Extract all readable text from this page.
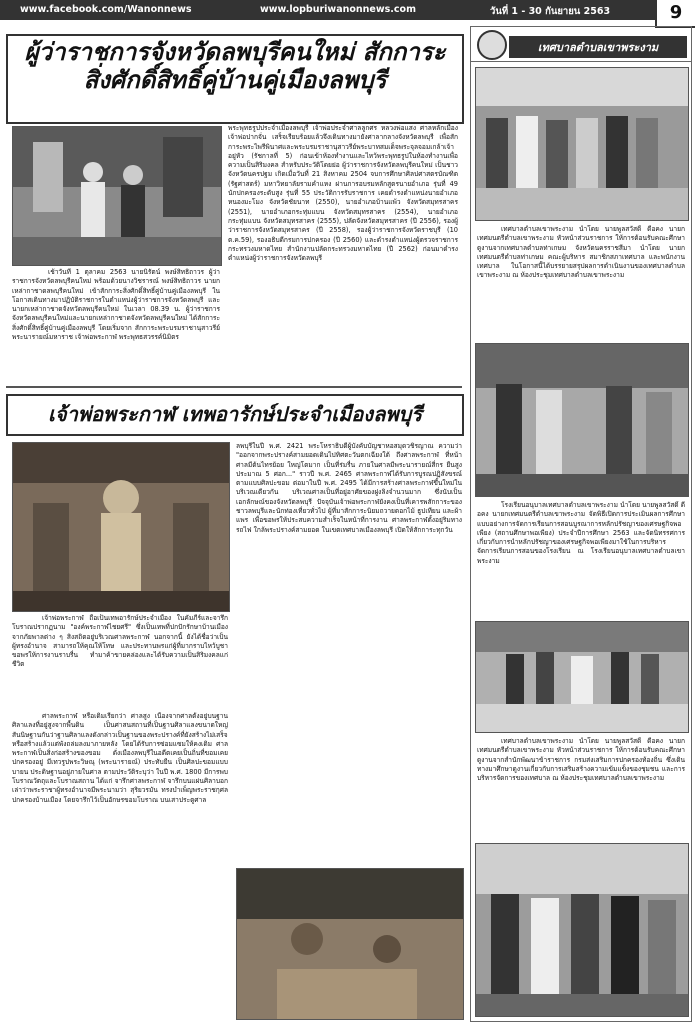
www.facebook.com/Wanonnews	www.lopburiwanonnews.com	วันที่ 1 - 30 กันยายน 2563	9
ผู้ว่าราชการจังหวัดลพบุรีคนใหม่ สักการะ
สิ่งศักดิ์สิทธิ์คู่บ้านคู่เมืองลพบุรี
เช้าวันที่ 1 ตุลาคม 2563 นายนิรัตน์ พงษ์สิทธิถาวร ผู้ว่าราชการจังหวัดลพบุรีคนใหม่ พร้อมด้วยนางวิชรารณ์ พงษ์สิทธิถาวร นายกเหล่ากาชาดลพบุรีคนใหม่ เข้าสักการะสิ่งศักดิ์สิทธิ์คู่บ้านคู่เมืองลพบุรี ในโอกาสเดินทางมาปฏิบัติราชการในตำแหน่งผู้ว่าราชการจังหวัดลพบุรี และนายกเหล่ากาชาดจังหวัดลพบุรีคนใหม่ ในเวลา 08.39 น. ผู้ว่าราชการจังหวัดลพบุรีคนใหม่และนายกเหล่ากาชาดจังหวัดลพบุรีคนใหม่ ได้สักการะสิ่งศักดิ์สิทธิ์คู่บ้านคู่เมืองลพบุรี โดยเริ่มจาก สักการะพระบรมราชานุสาวรีย์พระนารายณ์มหาราช เจ้าพ่อพระกาฬ พระพุทธสวรรค์นิมิตร
พระพุทธรูปประจำเมืองลพบุรี เจ้าพ่อประจำศาลลูกศร หลวงพ่อแสง ศาลหลักเมือง เจ้าพ่อปากจั่น เสร็จเรียบร้อยแล้วจึงเดินทางมายังศาลากลางจังหวัดลพบุรี เพื่อสักการะพระไพรีพินาศและพระบรมราชานุสาวรีย์พระบาทสมเด็จพระจุลจอมเกล้าเจ้าอยู่หัว (รัชกาลที่ 5) ก่อนเข้าห้องทำงานและไหว้พระพุทธรูปในห้องทำงานเพื่อความเป็นสิริมงคล สำหรับประวัติโดยย่อ ผู้ว่าราชการจังหวัดลพบุรีคนใหม่ เป็นชาวจังหวัดนครปฐม เกิดเมื่อวันที่ 21 สิงหาคม 2504 จบการศึกษาศิลปศาสตรบัณฑิต (รัฐศาสตร์) มหาวิทยาลัยรามคำแหง ผ่านการอบรมหลักสูตรนายอำเภอ รุ่นที่ 49 นักปกครองระดับสูง รุ่นที่ 55 ประวัติการรับราชการ เคยดำรงตำแหน่งนายอำเภอหนองมะโมง จังหวัดชัยนาท (2550), นายอำเภอบ้านแพ้ว จังหวัดสมุทรสาคร (2551), นายอำเภอกระทุ่มแบน จังหวัดสมุทรสาคร (2554), นายอำเภอกระทุ่มแบน จังหวัดสมุทรสาคร (2555), ปลัดจังหวัดสมุทรสาคร (ปี 2556), รองผู้ว่าราชการจังหวัดสมุทรสาคร (ปี 2558), รองผู้ว่าราชการจังหวัดราชบุรี (10 ต.ค.59), รองอธิบดีกรมการปกครอง (ปี 2560) และดำรงตำแหน่งผู้ตรวจราชการกระทรวงมหาดไทย สำนักงานปลัดกระทรวงมหาดไทย (ปี 2562) ก่อนมาดำรงตำแหน่งผู้ว่าราชการจังหวัดลพบุรี
เจ้าพ่อพระกาฬ เทพอารักษ์ประจำเมืองลพบุรี
เจ้าพ่อพระกาฬ ถือเป็นเทพอารักษ์ประจำเมือง ในคัมภีร์และจารึกโบราณปรากฏนาม "องค์พระกาฬไชยศรี" ซึ่งเป็นเทพที่ปกปักรักษาบ้านเมืองจากภัยพาลต่าง ๆ สิงสถิตอยู่บริเวณศาลพระกาฬ นอกจากนี้ ยังได้ชื่อว่าเป็นผู้ทรงอำนาจ สามารถให้คุณให้โทษ และประทานพรแก่ผู้ที่มากราบไหว้บูชา ขอพรให้การงานราบรื่น ทำมาค้าขายคล่องและได้รับความเป็นสิริมงคลแก่ชีวิต
ศาลพระกาฬ หรือเดิมเรียกว่า ศาลสูง เนื่องจากศาลตั้งอยู่บนฐานศิลาแลงที่อยู่สูงจากพื้นดิน เป็นศาสนสถานที่เป็นฐานศิลาแลงขนาดใหญ่ สันนิษฐานกันว่าฐานศิลาแลงดังกล่าวเป็นฐานของพระปรางค์ที่ยังสร้างไม่เสร็จ หรือสร้างแล้วแต่พังถล่มลงมาภายหลัง โดยได้รับการซ่อมแซมให้คงเดิม ศาลพระกาฬเป็นสิ่งก่อสร้างของขอม ดั่งเมืองลพบุรีในอดีตเคยเป็นถิ่นที่ขอมเคยปกครองอยู่ มีเทวรูปพระวิษณุ (พระนารายณ์) ประทับยืน เป็นศิลปะขอมแบบบายน ประดิษฐานอยู่ภายในศาล ตามประวัติระบุว่า ในปี พ.ศ. 1800 มีการพบโบราณวัตถุและโบราณสถาน ได้แก่ จารึกศาลพระกาฬ จารึกบนแผ่นศิลาบอกเล่าว่าพระราชาผู้ทรงอำนาจมีพระนามว่า สุริยวรมัน ทรงบำเพ็ญพระราชกุศลปกครองบ้านเมือง โดยจารึกไว้เป็นอักษรขอมโบราณ บนเสาประตูศาล
ลพบุรีในปี พ.ศ. 2421 พระโหราธิบดีผู้บังคับบัญชาหอสมุดวชิรญาณ ความว่า "ออกจากพระปรางค์สามยอดเดินไปทิศตะวันตกเฉียงใต้ ถึงศาลพระกาฬ ที่หน้าศาลมีต้นไทรย้อย ใหญ่โตมาก เป็นที่ร่มรื่น ภายในศาลมีพระนารายณ์สี่กร ยืนสูงประมาณ 5 ศอก..." ราวปี พ.ศ. 2465 ศาลพระกาฬได้รับการบูรณปฏิสังขรณ์ตามแบบศิลปะขอม ต่อมาในปี พ.ศ. 2495 ได้มีการสร้างศาลพระกาฬขึ้นใหม่ในบริเวณเดียวกัน บริเวณศาลเป็นที่อยู่อาศัยของฝูงลิงจำนวนมาก ซึ่งนับเป็นเอกลักษณ์ของจังหวัดลพบุรี ปัจจุบันเจ้าพ่อพระกาฬยังคงเป็นที่เคารพสักการะของชาวลพบุรีและนักท่องเที่ยวทั่วไป ผู้ที่มาสักการะนิยมถวายดอกไม้ ธูปเทียน และผ้าแพร เพื่อขอพรให้ประสบความสำเร็จในหน้าที่การงาน ศาลพระกาฬตั้งอยู่ริมทางรถไฟ ใกล้พระปรางค์สามยอด ในเขตเทศบาลเมืองลพบุรี เปิดให้สักการะทุกวัน
เทศบาลตำบลเขาพระงาม
เทศบาลตำบลเขาพระงาม นำโดย นายพูลสวัสดิ์ ดีอคง นายกเทศมนตรีตำบลเขาพระงาม หัวหน้าส่วนราชการ ให้การต้อนรับคณะศึกษาดูงานจากเทศบาลตำบลท่าเกษม จังหวัดนครราชสีมา นำโดย นายกเทศมนตรีตำบลท่าเกษม คณะผู้บริหาร สมาชิกสภาเทศบาล และพนักงานเทศบาล ในโอกาสนี้ได้บรรยายสรุปผลการดำเนินงานของเทศบาลตำบลเขาพระงาม ณ ห้องประชุมเทศบาลตำบลเขาพระงาม
โรงเรียนอนุบาลเทศบาลตำบลเขาพระงาม นำโดย นายพูลสวัสดิ์ ดีอคง นายกเทศมนตรีตำบลเขาพระงาม จัดพิธีเปิดการประเมินผลการศึกษาแบบอย่างการจัดการเรียนการสอนบูรณาการหลักปรัชญาของเศรษฐกิจพอเพียง (สถานศึกษาพอเพียง) ประจำปีการศึกษา 2563 และจัดนิทรรศการเกี่ยวกับการนำหลักปรัชญาของเศรษฐกิจพอเพียงมาใช้ในการบริหารจัดการเรียนการสอนของโรงเรียน ณ โรงเรียนอนุบาลเทศบาลตำบลเขาพระงาม
เทศบาลตำบลเขาพระงาม นำโดย นายพูลสวัสดิ์ ดีอคง นายกเทศมนตรีตำบลเขาพระงาม หัวหน้าส่วนราชการ ให้การต้อนรับคณะศึกษาดูงานจากสำนักพัฒนาข้าราชการ กรมส่งเสริมการปกครองท้องถิ่น ซึ่งเดินทางมาศึกษาดูงานเกี่ยวกับการเสริมสร้างความเข้มแข็งของชุมชน และการบริหารจัดการของเทศบาล ณ ห้องประชุมเทศบาลตำบลเขาพระงาม
